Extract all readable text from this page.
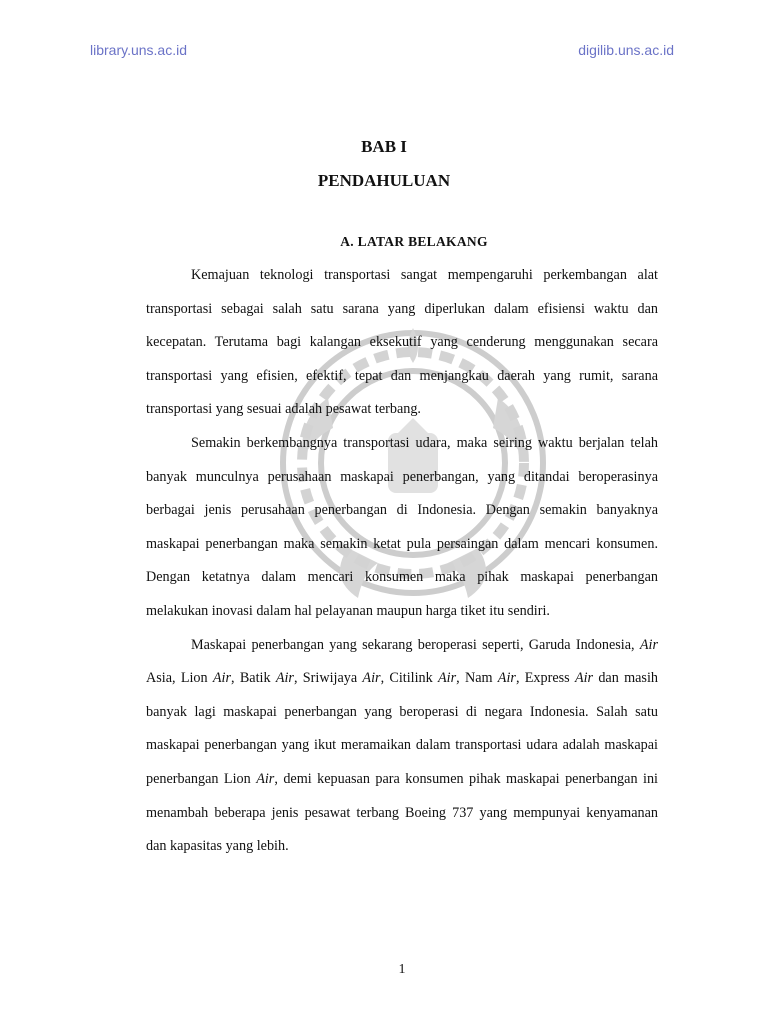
library.uns.ac.id	digilib.uns.ac.id
BAB I
PENDAHULUAN
A. LATAR BELAKANG

Kemajuan teknologi transportasi sangat mempengaruhi perkembangan alat transportasi sebagai salah satu sarana yang diperlukan dalam efisiensi waktu dan kecepatan. Terutama bagi kalangan eksekutif yang cenderung menggunakan secara transportasi yang efisien, efektif, tepat dan menjangkau daerah yang rumit, sarana transportasi yang sesuai adalah pesawat terbang.

Semakin berkembangnya transportasi udara, maka seiring waktu berjalan telah banyak munculnya perusahaan maskapai penerbangan, yang ditandai beroperasinya berbagai jenis perusahaan penerbangan di Indonesia. Dengan semakin banyaknya maskapai penerbangan maka semakin ketat pula persaingan dalam mencari konsumen. Dengan ketatnya dalam mencari konsumen maka pihak maskapai penerbangan melakukan inovasi dalam hal pelayanan maupun harga tiket itu sendiri.

Maskapai penerbangan yang sekarang beroperasi seperti, Garuda Indonesia, Air Asia, Lion Air, Batik Air, Sriwijaya Air, Citilink Air, Nam Air, Express Air dan masih banyak lagi maskapai penerbangan yang beroperasi di negara Indonesia. Salah satu maskapai penerbangan yang ikut meramaikan dalam transportasi udara adalah maskapai penerbangan Lion Air, demi kepuasan para konsumen pihak maskapai penerbangan ini menambah beberapa jenis pesawat terbang Boeing 737 yang mempunyai kenyamanan dan kapasitas yang lebih.

1
